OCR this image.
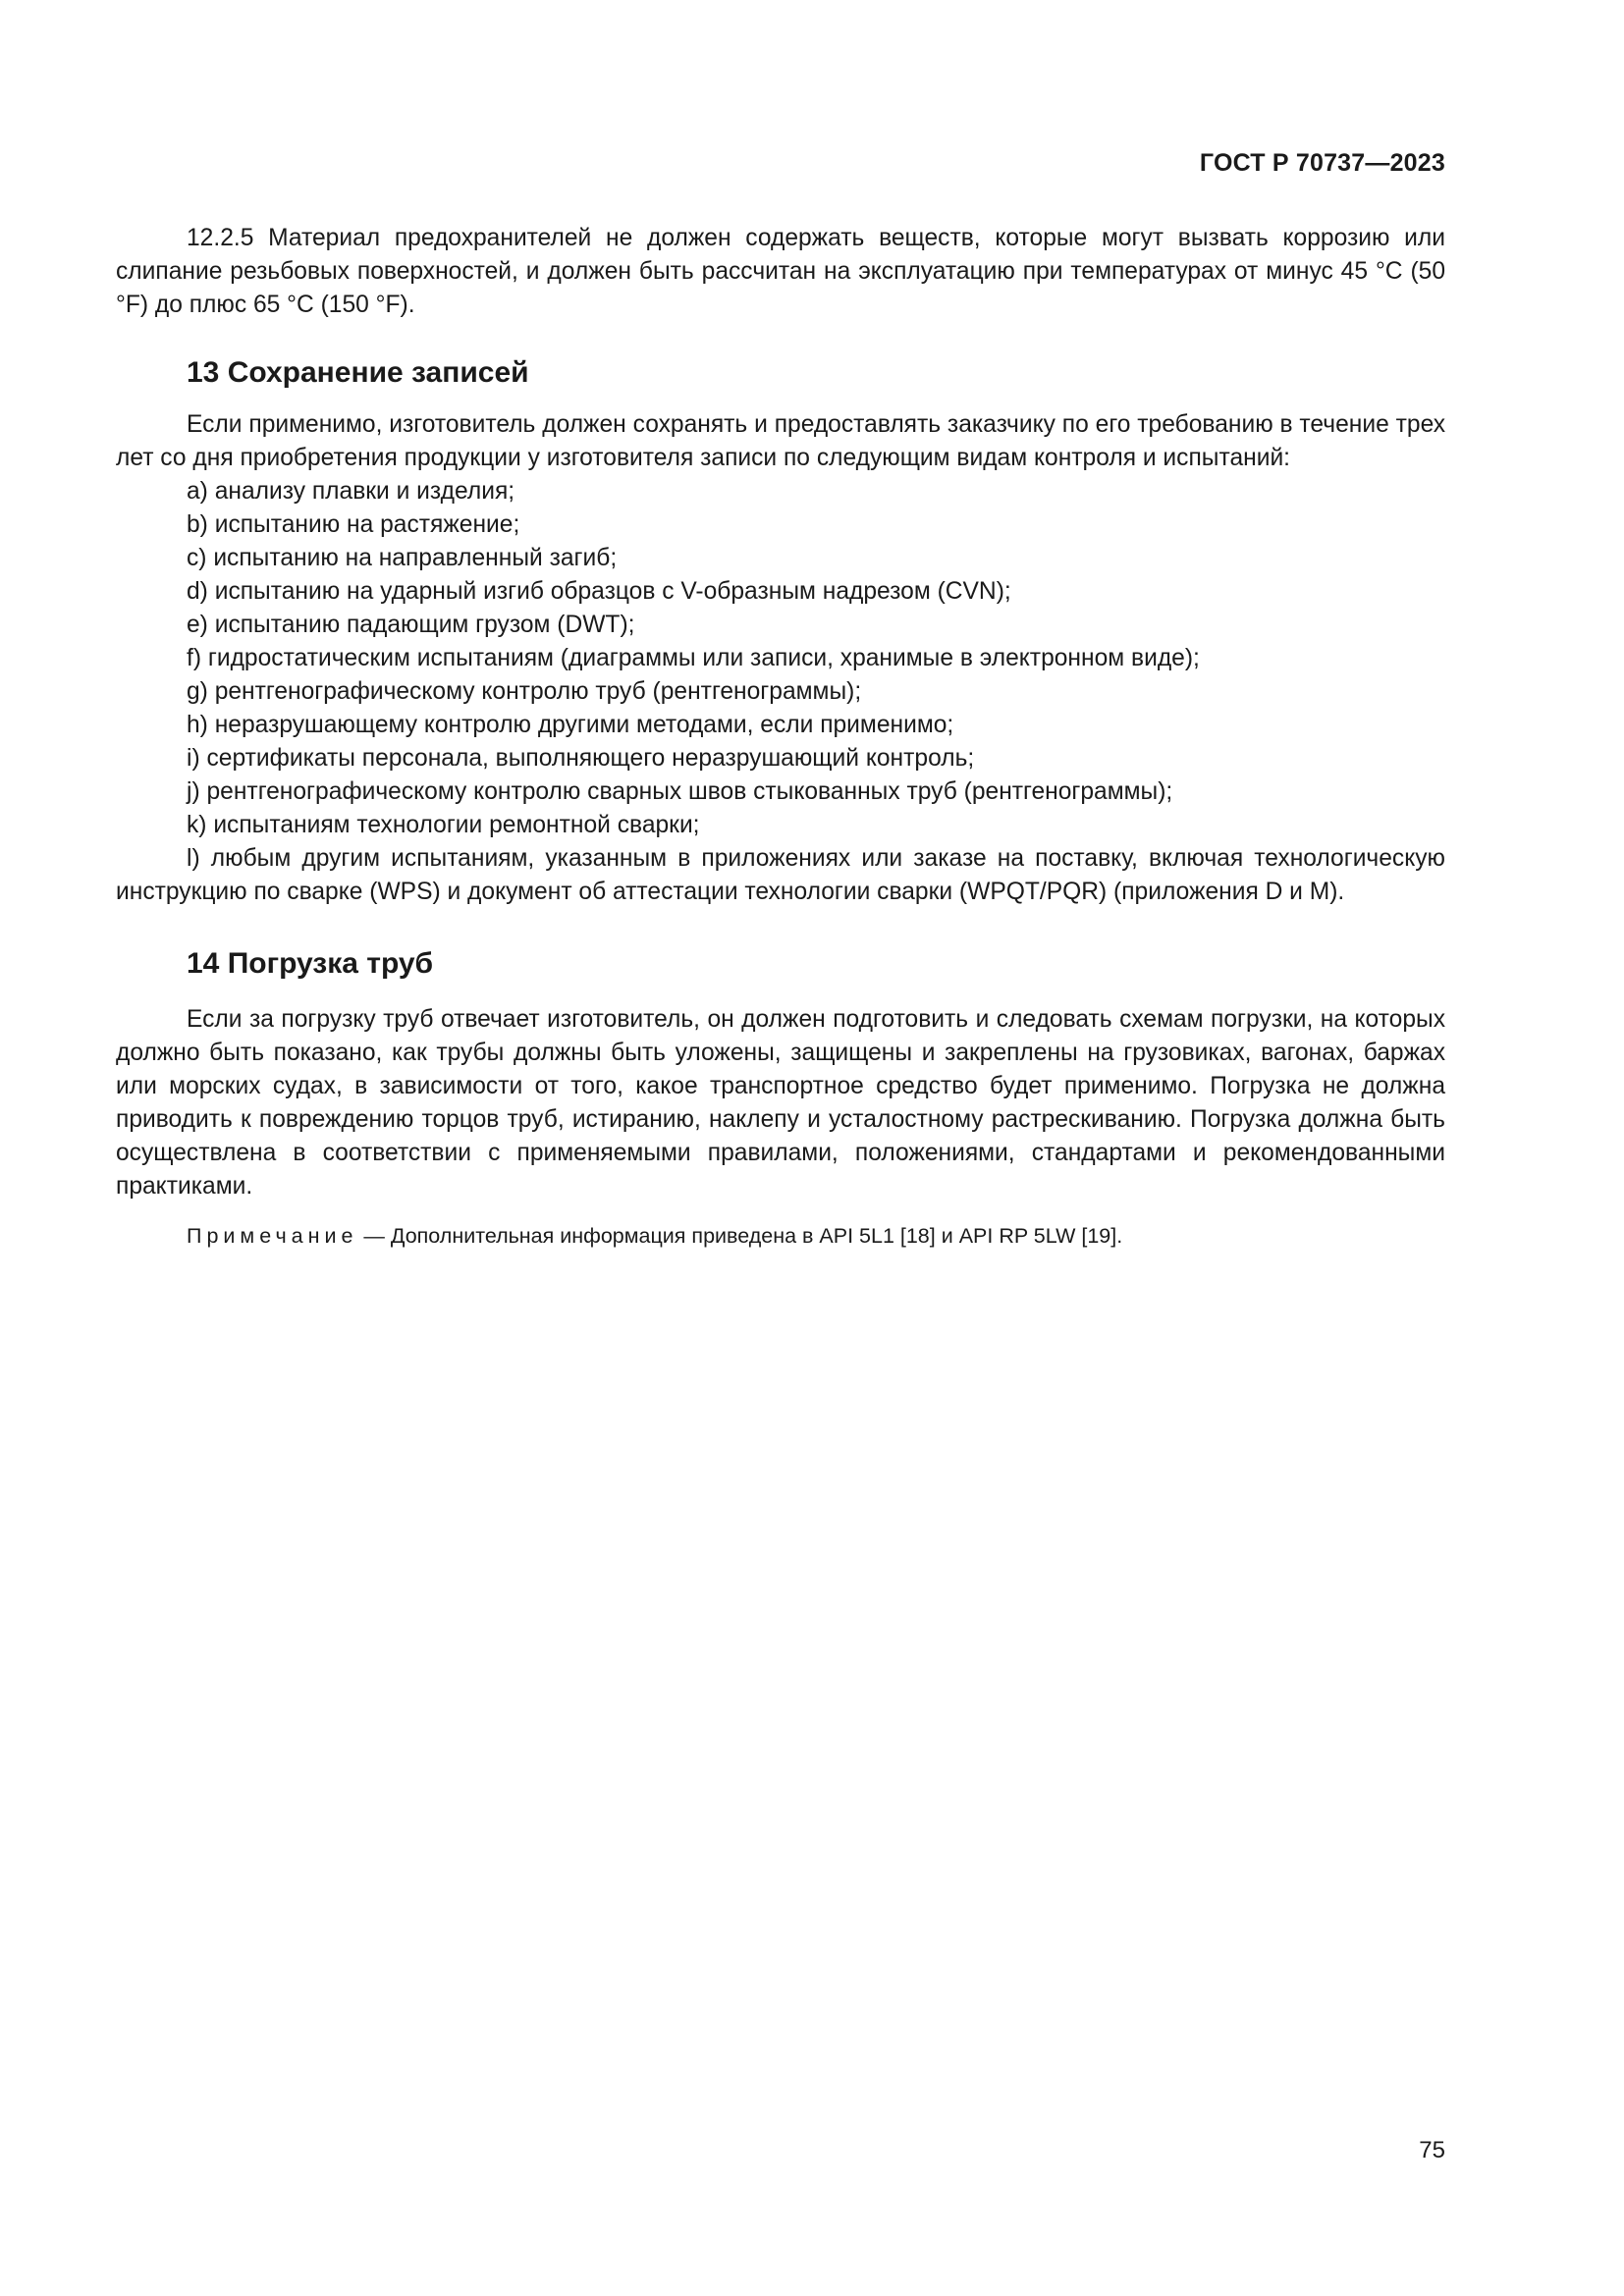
ГОСТ Р 70737—2023

12.2.5 Материал предохранителей не должен содержать веществ, которые могут вызвать коррозию или слипание резьбовых поверхностей, и должен быть рассчитан на эксплуатацию при температурах от минус 45 °С (50 °F) до плюс 65 °С (150 °F).

13 Сохранение записей

Если применимо, изготовитель должен сохранять и предоставлять заказчику по его требованию в течение трех лет со дня приобретения продукции у изготовителя записи по следующим видам контроля и испытаний:

a) анализу плавки и изделия;
b) испытанию на растяжение;
c) испытанию на направленный загиб;
d) испытанию на ударный изгиб образцов с V-образным надрезом (CVN);
e) испытанию падающим грузом (DWT);
f) гидростатическим испытаниям (диаграммы или записи, хранимые в электронном виде);
g) рентгенографическому контролю труб (рентгенограммы);
h) неразрушающему контролю другими методами, если применимо;
i) сертификаты персонала, выполняющего неразрушающий контроль;
j) рентгенографическому контролю сварных швов стыкованных труб (рентгенограммы);
k) испытаниям технологии ремонтной сварки;
l) любым другим испытаниям, указанным в приложениях или заказе на поставку, включая технологическую инструкцию по сварке (WPS) и документ об аттестации технологии сварки (WPQT/PQR) (приложения D и M).
14 Погрузка труб

Если за погрузку труб отвечает изготовитель, он должен подготовить и следовать схемам погрузки, на которых должно быть показано, как трубы должны быть уложены, защищены и закреплены на грузовиках, вагонах, баржах или морских судах, в зависимости от того, какое транспортное средство будет применимо. Погрузка не должна приводить к повреждению торцов труб, истиранию, наклепу и усталостному растрескиванию. Погрузка должна быть осуществлена в соответствии с применяемыми правилами, положениями, стандартами и рекомендованными практиками.

Примечание — Дополнительная информация приведена в API 5L1 [18] и API RP 5LW [19].

75
